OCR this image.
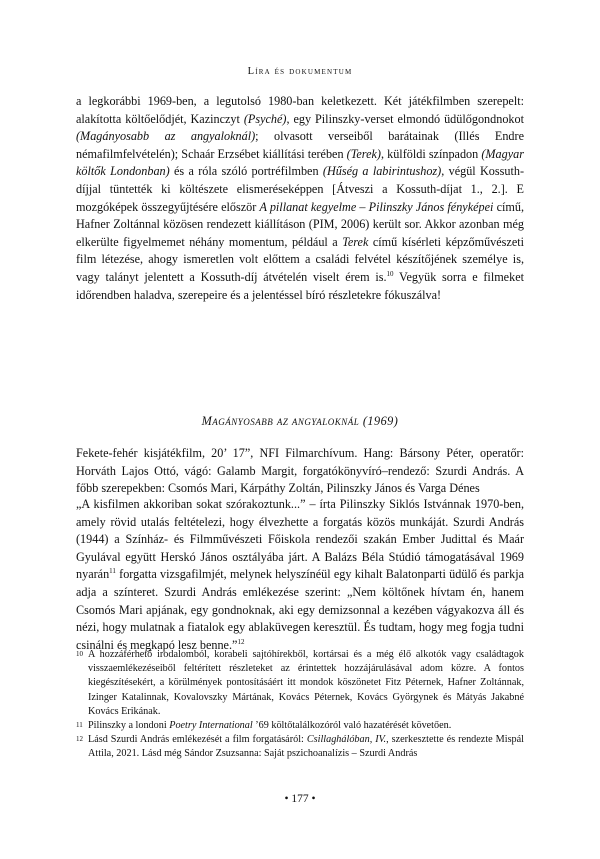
Líra és dokumentum

a legkorábbi 1969-ben, a legutolsó 1980-ban keletkezett. Két játékfilmben szerepelt: alakította költőelődjét, Kazinczyt (Psyché), egy Pilinszky-verset elmondó üdülőgondnokot (Magányosabb az angyaloknál); olvasott verseiből barátainak (Illés Endre némafilmfelvételén); Schaár Erzsébet kiállítási terében (Terek), külföldi színpadon (Magyar költők Londonban) és a róla szóló portréfilmben (Hűség a labirintushoz), végül Kossuth-díjjal tüntették ki költészete elismeréseképpen [Átveszi a Kossuth-díjat 1., 2.]. E mozgóképek összegyűjtésére először A pillanat kegyelme – Pilinszky János fényképei című, Hafner Zoltánnal közösen rendezett kiállításon (PIM, 2006) került sor. Akkor azonban még elkerülte figyelmemet néhány momentum, például a Terek című kísérleti képzőművészeti film létezése, ahogy ismeretlen volt előttem a családi felvétel készítőjének személye is, vagy talányt jelentett a Kossuth-díj átvételén viselt érem is.$^{10}$ Vegyük sorra e filmeket időrendben haladva, szerepeire és a jelentéssel bíró részletekre fókuszálva!

Magányosabb az angyaloknál (1969)

Fekete-fehér kisjátékfilm, 20’ 17”, NFI Filmarchívum. Hang: Bársony Péter, operatőr: Horváth Lajos Ottó, vágó: Galamb Margit, forgatókönyvíró–rendező: Szurdi András. A főbb szerepekben: Csomós Mari, Kárpáthy Zoltán, Pilinszky János és Varga Dénes

„A kisfilmen akkoriban sokat szórakoztunk...” – írta Pilinszky Siklós Istvánnak 1970-ben, amely rövid utalás feltételezi, hogy élvezhette a forgatás közös munkáját. Szurdi András (1944) a Színház- és Filmművészeti Főiskola rendezői szakán Ember Judittal és Maár Gyulával együtt Herskó János osztályába járt. A Balázs Béla Stúdió támogatásával 1969 nyarán$^{11}$ forgatta vizsgafilmjét, melynek helyszínéül egy kihalt Balatonparti üdülő és parkja adja a színteret. Szurdi András emlékezése szerint: „Nem költőnek hívtam én, hanem Csomós Mari apjának, egy gondnoknak, aki egy demizsonnal a kezében vágyakozva áll és nézi, hogy mulatnak a fiatalok egy ablaküvegen keresztül. És tudtam, hogy meg fogja tudni csinálni és megkapó lesz benne.”$^{12}$

10 A hozzáférhető irodalomból, korabeli sajtóhírekből, kortársai és a még élő alkotók vagy családtagok visszaemlékezéseiből feltérített részleteket az érintettek hozzájárulásával adom közre. A fontos kiegészítésekért, a körülmények pontosításáért itt mondok köszönetet Fitz Péternek, Hafner Zoltánnak, Izinger Katalinnak, Kovalovszky Mártának, Kovács Péternek, Kovács Györgynek és Mátyás Jakabné Kovács Erikának.
11 Pilinszky a londoni Poetry International ’69 költőtalálkozóról való hazatérését követően.
12 Lásd Szurdi András emlékezését a film forgatásáról: Csillaghálóban, IV., szerkesztette és rendezte Mispál Attila, 2021. Lásd még Sándor Zsuzsanna: Saját pszichoanalízis – Szurdi András
• 177 •
